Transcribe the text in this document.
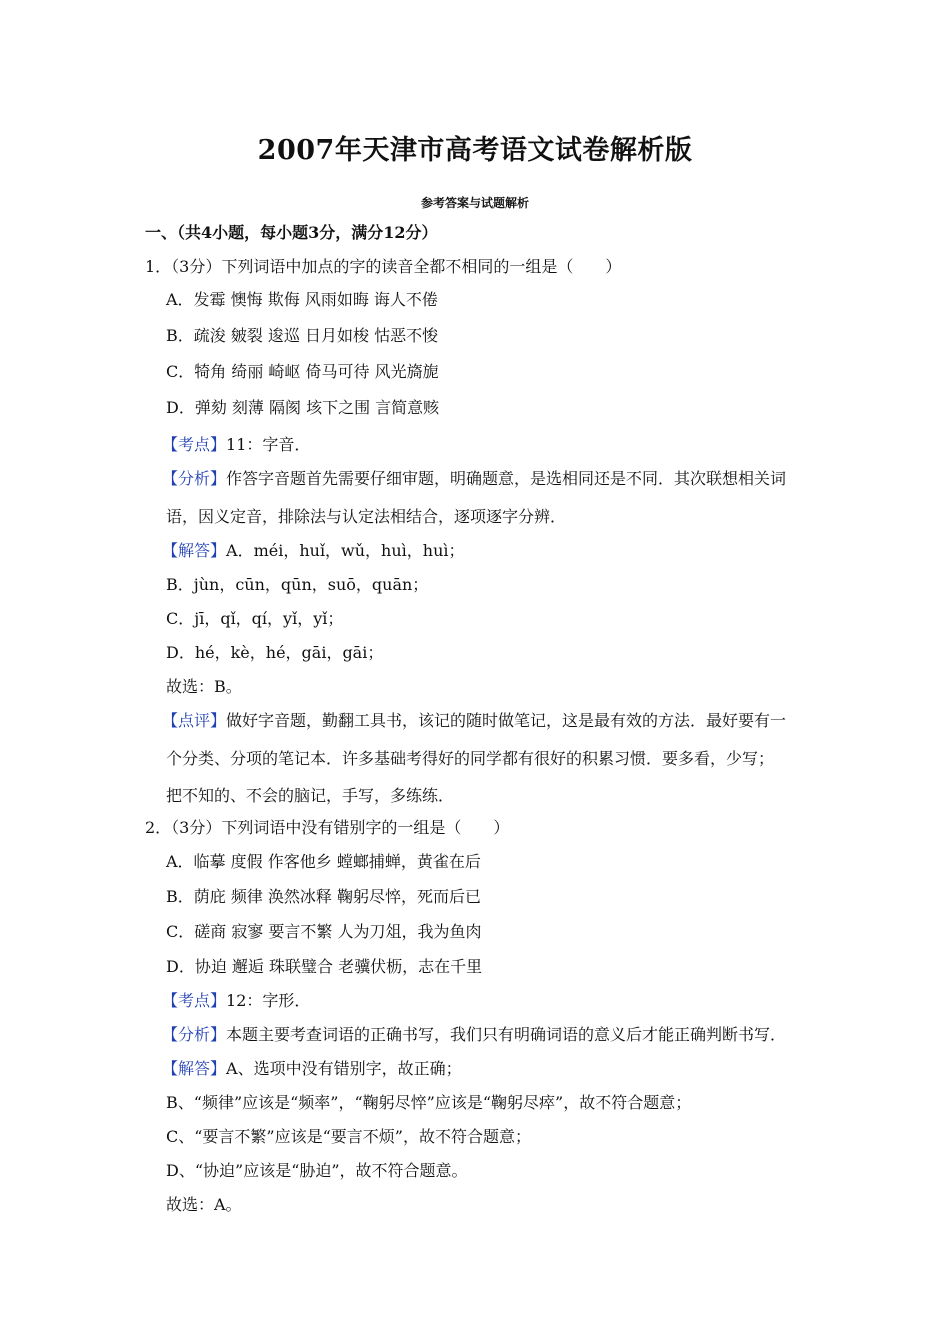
2007年天津市高考语文试卷解析版
参考答案与试题解析
一、（共4小题，每小题3分，满分12分）
1．（3分）下列词语中加点的字的读音全都不相同的一组是（　　）
A．发霉 懊悔 欺侮 风雨如晦 诲人不倦
B．疏浚 皴裂 逡巡 日月如梭 怙恶不悛
C．犄角 绮丽 崎岖 倚马可待 风光旖旎
D．弹劾 刻薄 隔阂 垓下之围 言简意赅
【考点】11：字音．
【分析】作答字音题首先需要仔细审题，明确题意，是选相同还是不同．其次联想相关词
语，因义定音，排除法与认定法相结合，逐项逐字分辨．
【解答】A．méi，huǐ，wǔ，huì，huì；
B．jùn，cūn，qūn，suō，quān；
C．jī，qǐ，qí，yǐ，yǐ；
D．hé，kè，hé，gāi，gāi；
故选：B。
【点评】做好字音题，勤翻工具书，该记的随时做笔记，这是最有效的方法．最好要有一
个分类、分项的笔记本．许多基础考得好的同学都有很好的积累习惯．要多看，少写；
把不知的、不会的脑记，手写，多练练．
2．（3分）下列词语中没有错别字的一组是（　　）
A．临摹 度假 作客他乡 螳螂捕蝉，黄雀在后
B．荫庇 频律 涣然冰释 鞠躬尽悴，死而后已
C．磋商 寂寥 要言不繁 人为刀俎，我为鱼肉
D．协迫 邂逅 珠联璧合 老骥伏枥，志在千里
【考点】12：字形．
【分析】本题主要考查词语的正确书写，我们只有明确词语的意义后才能正确判断书写．
【解答】A、选项中没有错别字，故正确；
B、“频律”应该是“频率”，“鞠躬尽悴”应该是“鞠躬尽瘁”，故不符合题意；
C、“要言不繁”应该是“要言不烦”，故不符合题意；
D、“协迫”应该是“胁迫”，故不符合题意。
故选：A。
